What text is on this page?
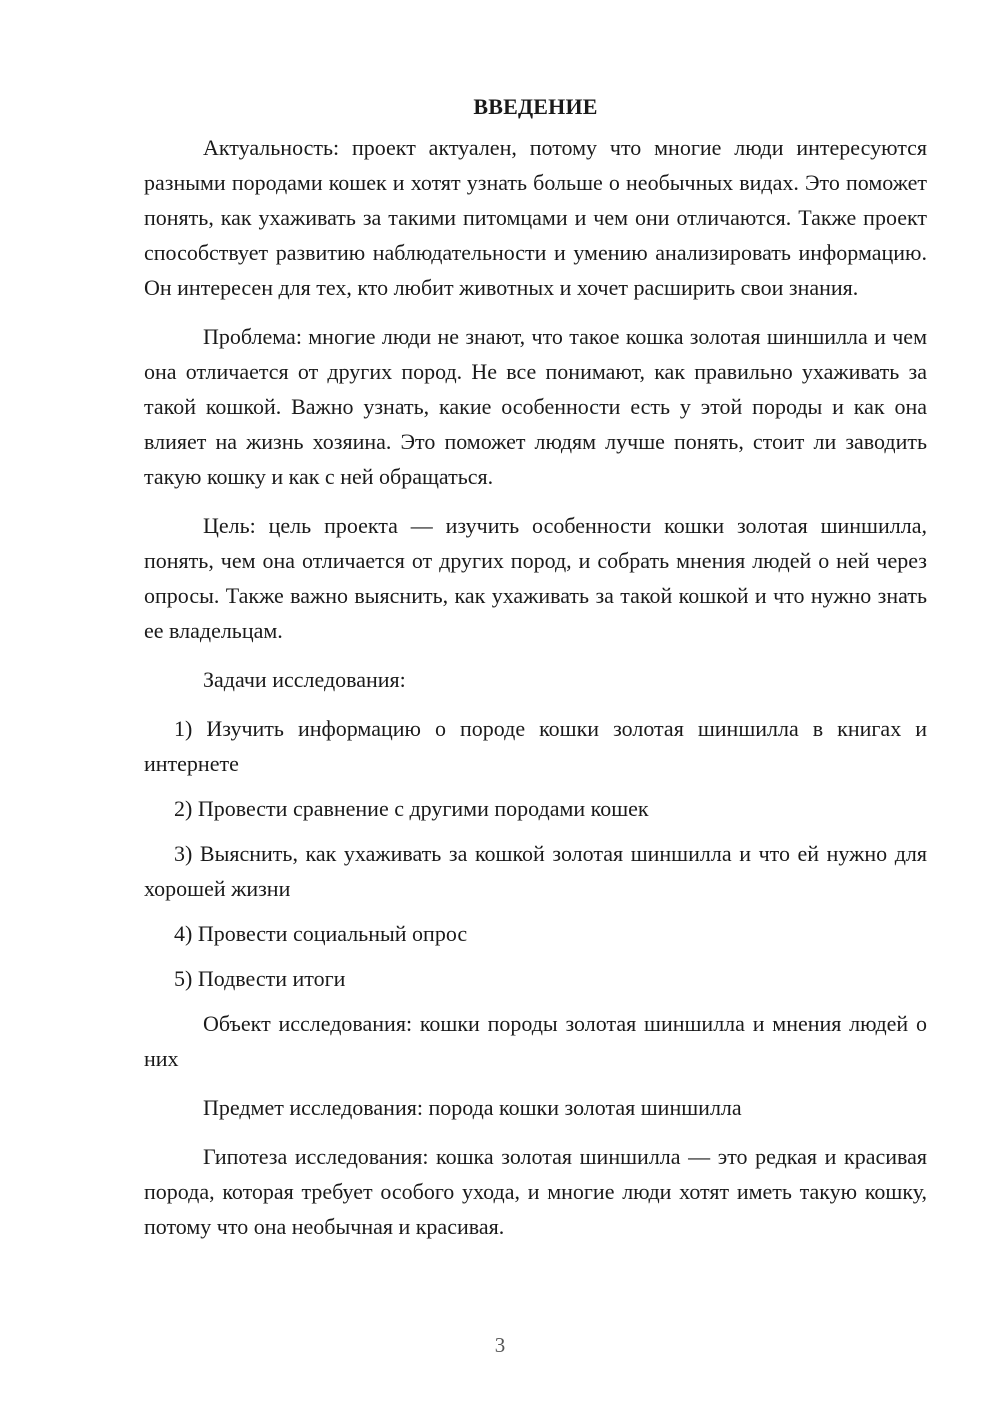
ВВЕДЕНИЕ

Актуальность: проект актуален, потому что многие люди интересуются разными породами кошек и хотят узнать больше о необычных видах. Это поможет понять, как ухаживать за такими питомцами и чем они отличаются. Также проект способствует развитию наблюдательности и умению анализировать информацию. Он интересен для тех, кто любит животных и хочет расширить свои знания.

Проблема: многие люди не знают, что такое кошка золотая шиншилла и чем она отличается от других пород. Не все понимают, как правильно ухаживать за такой кошкой. Важно узнать, какие особенности есть у этой породы и как она влияет на жизнь хозяина. Это поможет людям лучше понять, стоит ли заводить такую кошку и как с ней обращаться.

Цель: цель проекта — изучить особенности кошки золотая шиншилла, понять, чем она отличается от других пород, и собрать мнения людей о ней через опросы. Также важно выяснить, как ухаживать за такой кошкой и что нужно знать ее владельцам.

Задачи исследования:

1) Изучить информацию о породе кошки золотая шиншилла в книгах и интернете

2) Провести сравнение с другими породами кошек

3) Выяснить, как ухаживать за кошкой золотая шиншилла и что ей нужно для хорошей жизни

4) Провести социальный опрос

5) Подвести итоги

Объект исследования: кошки породы золотая шиншилла и мнения людей о них

Предмет исследования: порода кошки золотая шиншилла

Гипотеза исследования: кошка золотая шиншилла — это редкая и красивая порода, которая требует особого ухода, и многие люди хотят иметь такую кошку, потому что она необычная и красивая.

3
